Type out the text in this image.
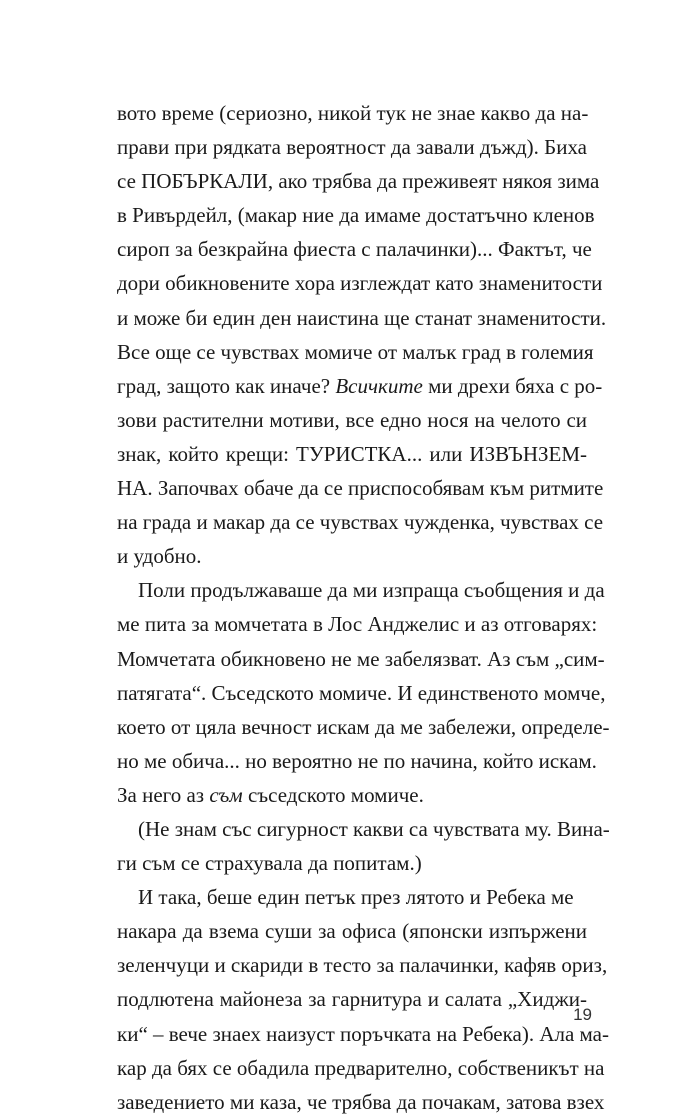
вото време (сериозно, никой тук не знае какво да на-
прави при рядката вероятност да завали дъжд). Биха
се ПОБЪРКАЛИ, ако трябва да преживеят някоя зима
в Ривърдейл, (макар ние да имаме достатъчно кленов
сироп за безкрайна фиеста с палачинки)... Фактът, че
дори обикновените хора изглеждат като знаменитости
и може би един ден наистина ще станат знаменитости.
Все още се чувствах момиче от малък град в големия
град, защото как иначе? Всичките ми дрехи бяха с ро-
зови растителни мотиви, все едно нося на челото си
знак, който крещи: ТУРИСТКА... или ИЗВЪНЗЕМ-
НА. Започвах обаче да се приспособявам към ритмите
на града и макар да се чувствах чужденка, чувствах се
и удобно.

Поли продължаваше да ми изпраща съобщения и да
ме пита за момчетата в Лос Анджелис и аз отговарях:
Момчетата обикновено не ме забелязват. Аз съм „сим-
патягата“. Съседското момиче. И единственото момче,
което от цяла вечност искам да ме забележи, определе-
но ме обича... но вероятно не по начина, който искам.
За него аз съм съседското момиче.

(Не знам със сигурност какви са чувствата му. Вина-
ги съм се страхувала да попитам.)

И така, беше един петък през лятото и Ребека ме
накара да взема суши за офиса (японски изпържени
зеленчуци и скариди в тесто за палачинки, кафяв ориз,
подлютена майонеза за гарнитура и салата „Хиджи-
ки“ – вече знаех наизуст поръчката на Ребека). Ала ма-
кар да бях се обадила предварително, собственикът на
заведението ми каза, че трябва да почакам, затова взех

19
